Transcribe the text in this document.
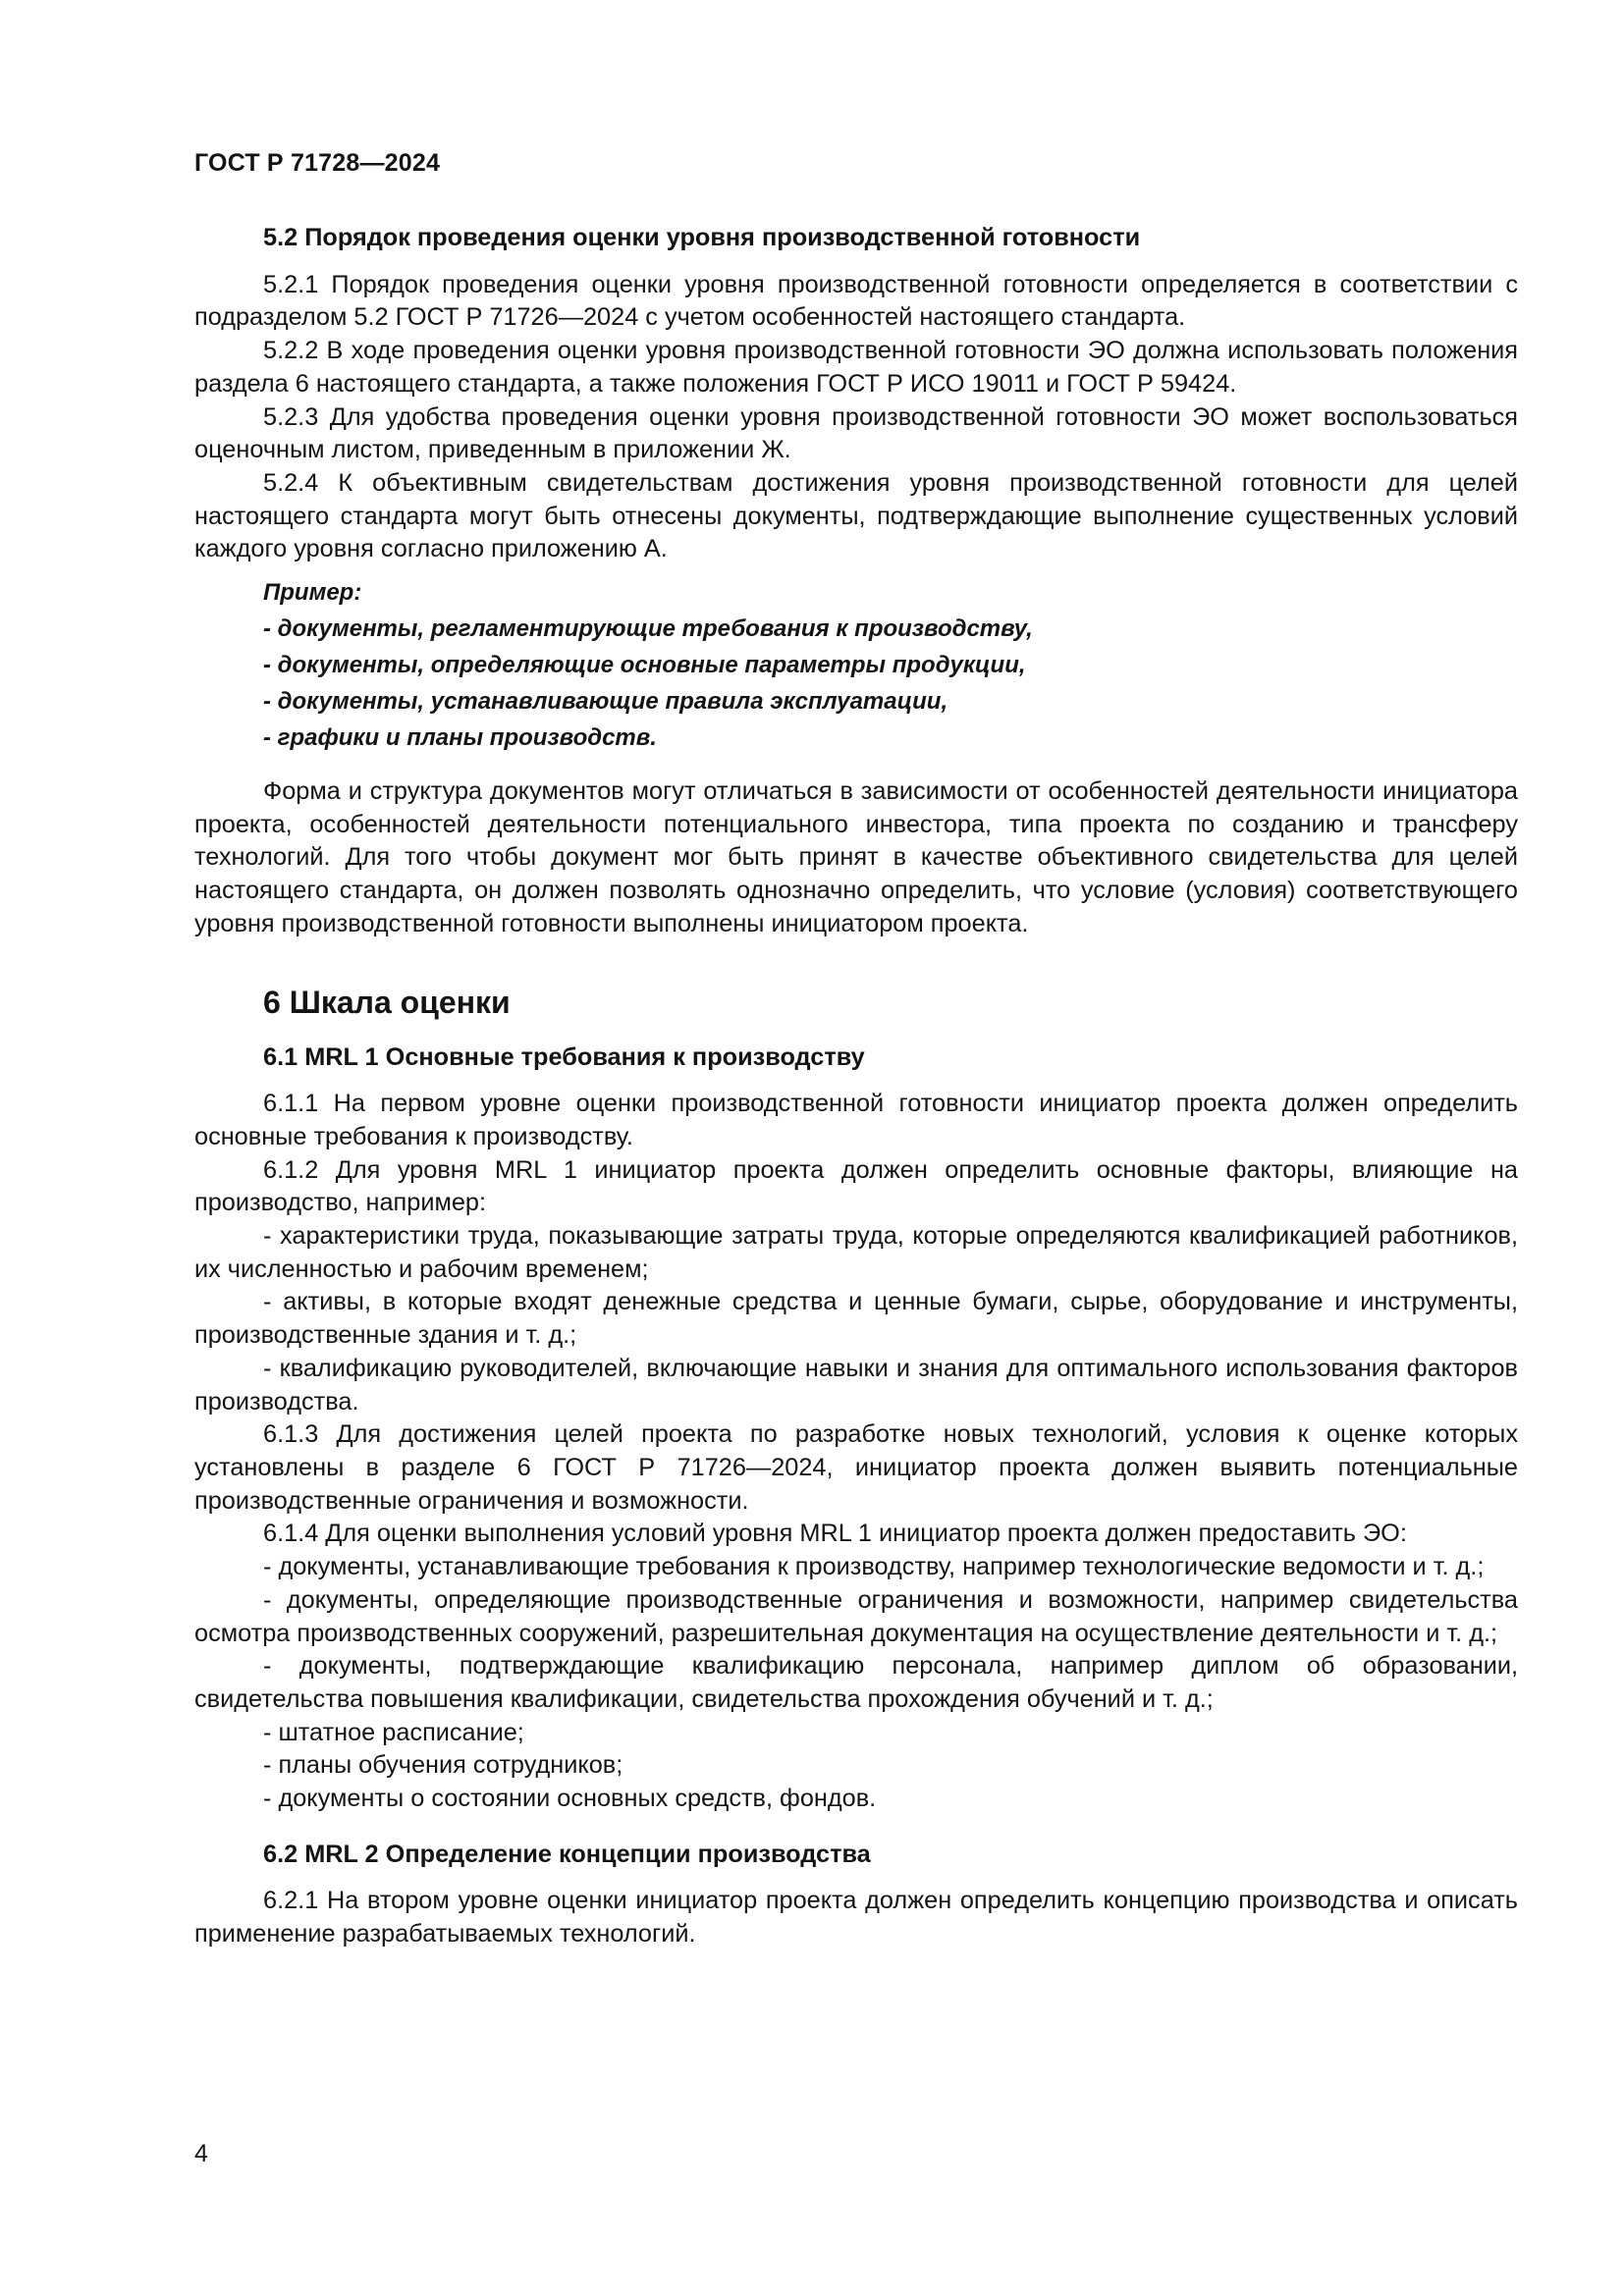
ГОСТ Р 71728—2024
5.2 Порядок проведения оценки уровня производственной готовности

5.2.1 Порядок проведения оценки уровня производственной готовности определяется в соответствии с подразделом 5.2 ГОСТ Р 71726—2024 с учетом особенностей настоящего стандарта.

5.2.2 В ходе проведения оценки уровня производственной готовности ЭО должна использовать положения раздела 6 настоящего стандарта, а также положения ГОСТ Р ИСО 19011 и ГОСТ Р 59424.

5.2.3 Для удобства проведения оценки уровня производственной готовности ЭО может воспользоваться оценочным листом, приведенным в приложении Ж.

5.2.4 К объективным свидетельствам достижения уровня производственной готовности для целей настоящего стандарта могут быть отнесены документы, подтверждающие выполнение существенных условий каждого уровня согласно приложению А.

Пример:
- документы, регламентирующие требования к производству,
- документы, определяющие основные параметры продукции,
- документы, устанавливающие правила эксплуатации,
- графики и планы производств.

Форма и структура документов могут отличаться в зависимости от особенностей деятельности инициатора проекта, особенностей деятельности потенциального инвестора, типа проекта по созданию и трансферу технологий. Для того чтобы документ мог быть принят в качестве объективного свидетельства для целей настоящего стандарта, он должен позволять однозначно определить, что условие (условия) соответствующего уровня производственной готовности выполнены инициатором проекта.

6 Шкала оценки
6.1 MRL 1 Основные требования к производству

6.1.1 На первом уровне оценки производственной готовности инициатор проекта должен определить основные требования к производству.

6.1.2 Для уровня MRL 1 инициатор проекта должен определить основные факторы, влияющие на производство, например:

- характеристики труда, показывающие затраты труда, которые определяются квалификацией работников, их численностью и рабочим временем;

- активы, в которые входят денежные средства и ценные бумаги, сырье, оборудование и инструменты, производственные здания и т. д.;

- квалификацию руководителей, включающие навыки и знания для оптимального использования факторов производства.

6.1.3 Для достижения целей проекта по разработке новых технологий, условия к оценке которых установлены в разделе 6 ГОСТ Р 71726—2024, инициатор проекта должен выявить потенциальные производственные ограничения и возможности.

6.1.4 Для оценки выполнения условий уровня MRL 1 инициатор проекта должен предоставить ЭО:

- документы, устанавливающие требования к производству, например технологические ведомости и т. д.;

- документы, определяющие производственные ограничения и возможности, например свидетельства осмотра производственных сооружений, разрешительная документация на осуществление деятельности и т. д.;

- документы, подтверждающие квалификацию персонала, например диплом об образовании, свидетельства повышения квалификации, свидетельства прохождения обучений и т. д.;

- штатное расписание;

- планы обучения сотрудников;

- документы о состоянии основных средств, фондов.

6.2 MRL 2 Определение концепции производства

6.2.1 На втором уровне оценки инициатор проекта должен определить концепцию производства и описать применение разрабатываемых технологий.

4
